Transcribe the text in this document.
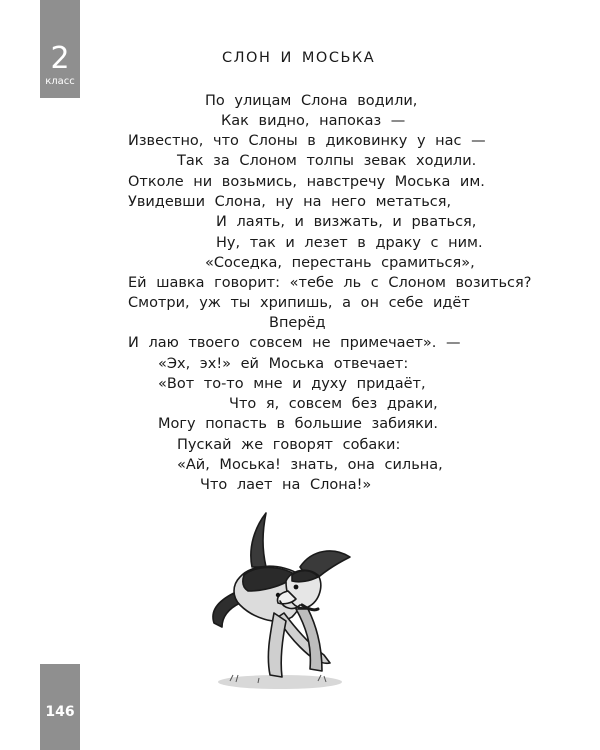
2
класс
СЛОН И МОСЬКА
По улицам Слона водили,
Как видно, напоказ —
Известно, что Слоны в диковинку у нас —
Так за Слоном толпы зевак ходили.
Отколе ни возьмись, навстречу Моська им.
Увидевши Слона, ну на него метаться,
И лаять, и визжать, и рваться,
Ну, так и лезет в драку с ним.
«Соседка, перестань срамиться»,
Ей шавка говорит: «тебе ль с Слоном возиться?
Смотри, уж ты хрипишь, а он себе идёт
Вперёд
И лаю твоего совсем не примечает». —
«Эх, эх!» ей Моська отвечает:
«Вот то-то мне и духу придаёт,
Что я, совсем без драки,
Могу попасть в большие забияки.
Пускай же говорят собаки:
«Ай, Моська! знать, она сильна,
Что лает на Слона!»
146
